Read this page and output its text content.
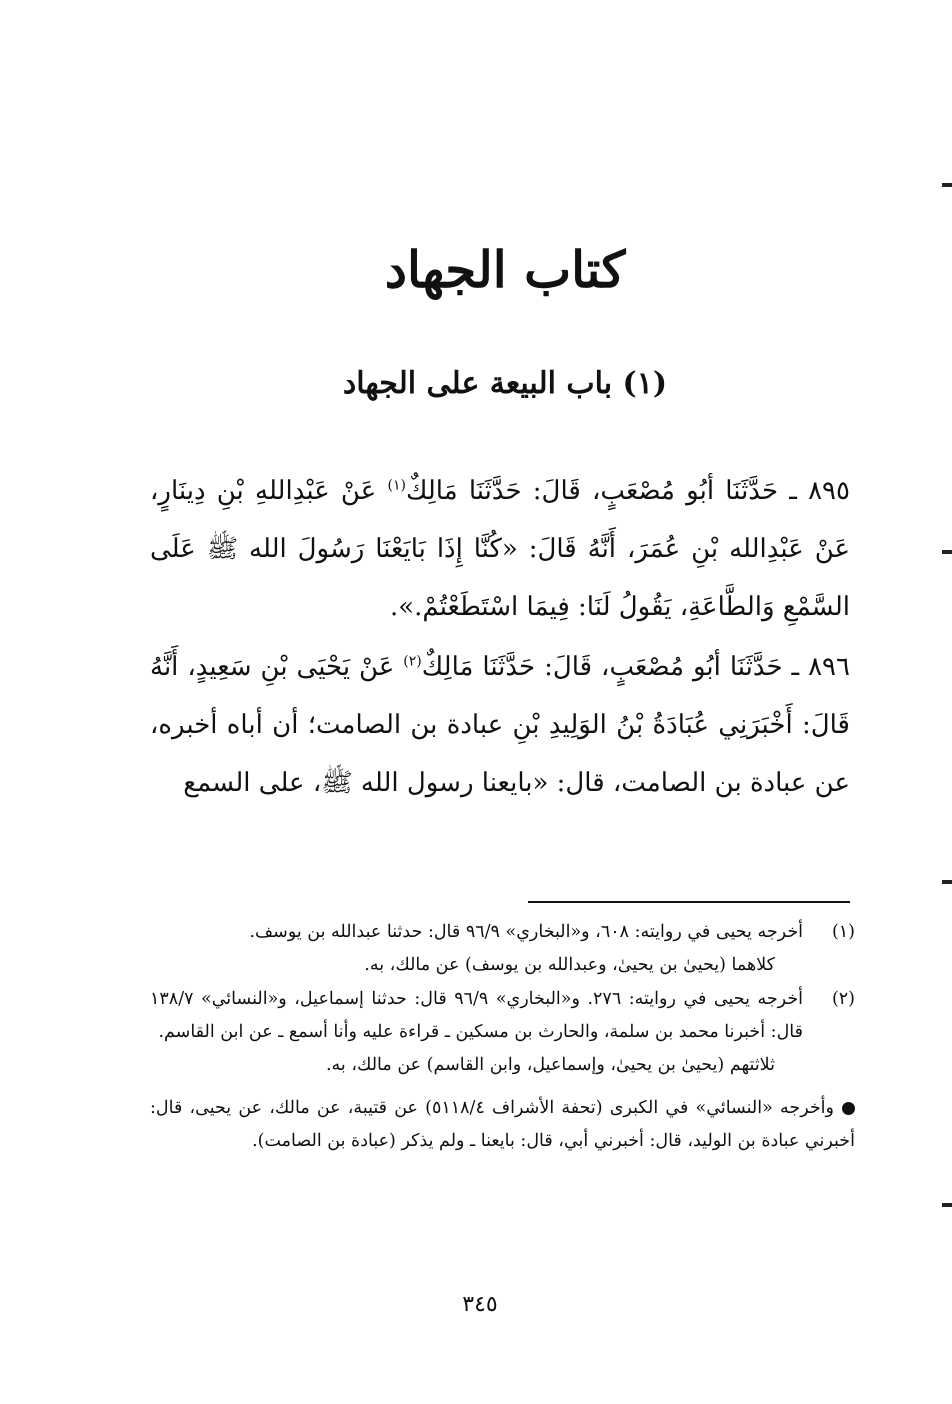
كتاب الجهاد
(١) باب البيعة على الجهاد

٨٩٥ ـ حَدَّثَنَا أبُو مُصْعَبٍ، قَالَ: حَدَّثَنَا مَالِكٌ$^{(١)}$ عَنْ عَبْدِاللهِ بْنِ دِينَارٍ، عَنْ عَبْدِالله بْنِ عُمَرَ، أَنَّهُ قَالَ: «كُنَّا إِذَا بَايَعْنَا رَسُولَ الله ﷺ عَلَى السَّمْعِ وَالطَّاعَةِ، يَقُولُ لَنَا: فِيمَا اسْتَطَعْتُمْ.».

٨٩٦ ـ حَدَّثَنَا أبُو مُصْعَبٍ، قَالَ: حَدَّثَنَا مَالِكٌ$^{(٢)}$ عَنْ يَحْيَى بْنِ سَعِيدٍ، أَنَّهُ قَالَ: أَخْبَرَنِي عُبَادَةُ بْنُ الوَلِيدِ بْنِ عبادة بن الصامت؛ أن أباه أخبره، عن عبادة بن الصامت، قال: «بايعنا رسول الله ﷺ، على السمع

(١)

أخرجه يحيى في روايته: ٦٠٨، و«البخاري» ٩٦/٩ قال: حدثنا عبدالله بن يوسف.

كلاهما (يحيىٰ بن يحيىٰ، وعبدالله بن يوسف) عن مالك، به.

(٢)

أخرجه يحيى في روايته: ٢٧٦. و«البخاري» ٩٦/٩ قال: حدثنا إسماعيل، و«النسائي» ١٣٨/٧ قال: أخبرنا محمد بن سلمة، والحارث بن مسكين ـ قراءة عليه وأنا أسمع ـ عن ابن القاسم.

ثلاثتهم (يحيىٰ بن يحيىٰ، وإسماعيل، وابن القاسم) عن مالك، به.

وأخرجه «النسائي» في الكبرى (تحفة الأشراف ٥١١٨/٤) عن قتيبة، عن مالك، عن يحيى، قال: أخبرني عبادة بن الوليد، قال: أخبرني أبي، قال: بايعنا ـ ولم يذكر (عبادة بن الصامت).

٣٤٥
